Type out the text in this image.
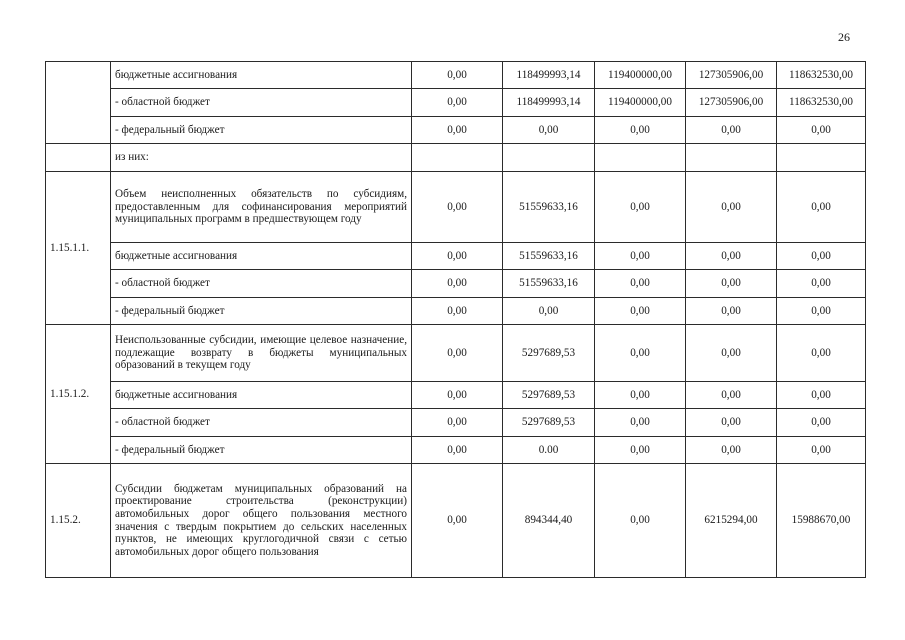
26
	бюджетные ассигнования	0,00	118499993,14	119400000,00	127305906,00	118632530,00
	- областной бюджет	0,00	118499993,14	119400000,00	127305906,00	118632530,00
	- федеральный бюджет	0,00	0,00	0,00	0,00	0,00
	из них:					
1.15.1.1.	Объем неисполненных обязательств по субсидиям, предоставленным для софинансирования мероприятий муниципальных программ в предшествующем году	0,00	51559633,16	0,00	0,00	0,00
	бюджетные ассигнования	0,00	51559633,16	0,00	0,00	0,00
	- областной бюджет	0,00	51559633,16	0,00	0,00	0,00
	- федеральный бюджет	0,00	0,00	0,00	0,00	0,00
1.15.1.2.	Неиспользованные субсидии, имеющие целевое назначение, подлежащие возврату в бюджеты муниципальных образований в текущем году	0,00	5297689,53	0,00	0,00	0,00
	бюджетные ассигнования	0,00	5297689,53	0,00	0,00	0,00
	- областной бюджет	0,00	5297689,53	0,00	0,00	0,00
	- федеральный бюджет	0,00	0.00	0,00	0,00	0,00
1.15.2.	Субсидии бюджетам муниципальных образований на проектирование строительства (реконструкции) автомобильных дорог общего пользования местного значения с твердым покрытием до сельских населенных пунктов, не имеющих круглогодичной связи с сетью автомобильных дорог общего пользования	0,00	894344,40	0,00	6215294,00	15988670,00
